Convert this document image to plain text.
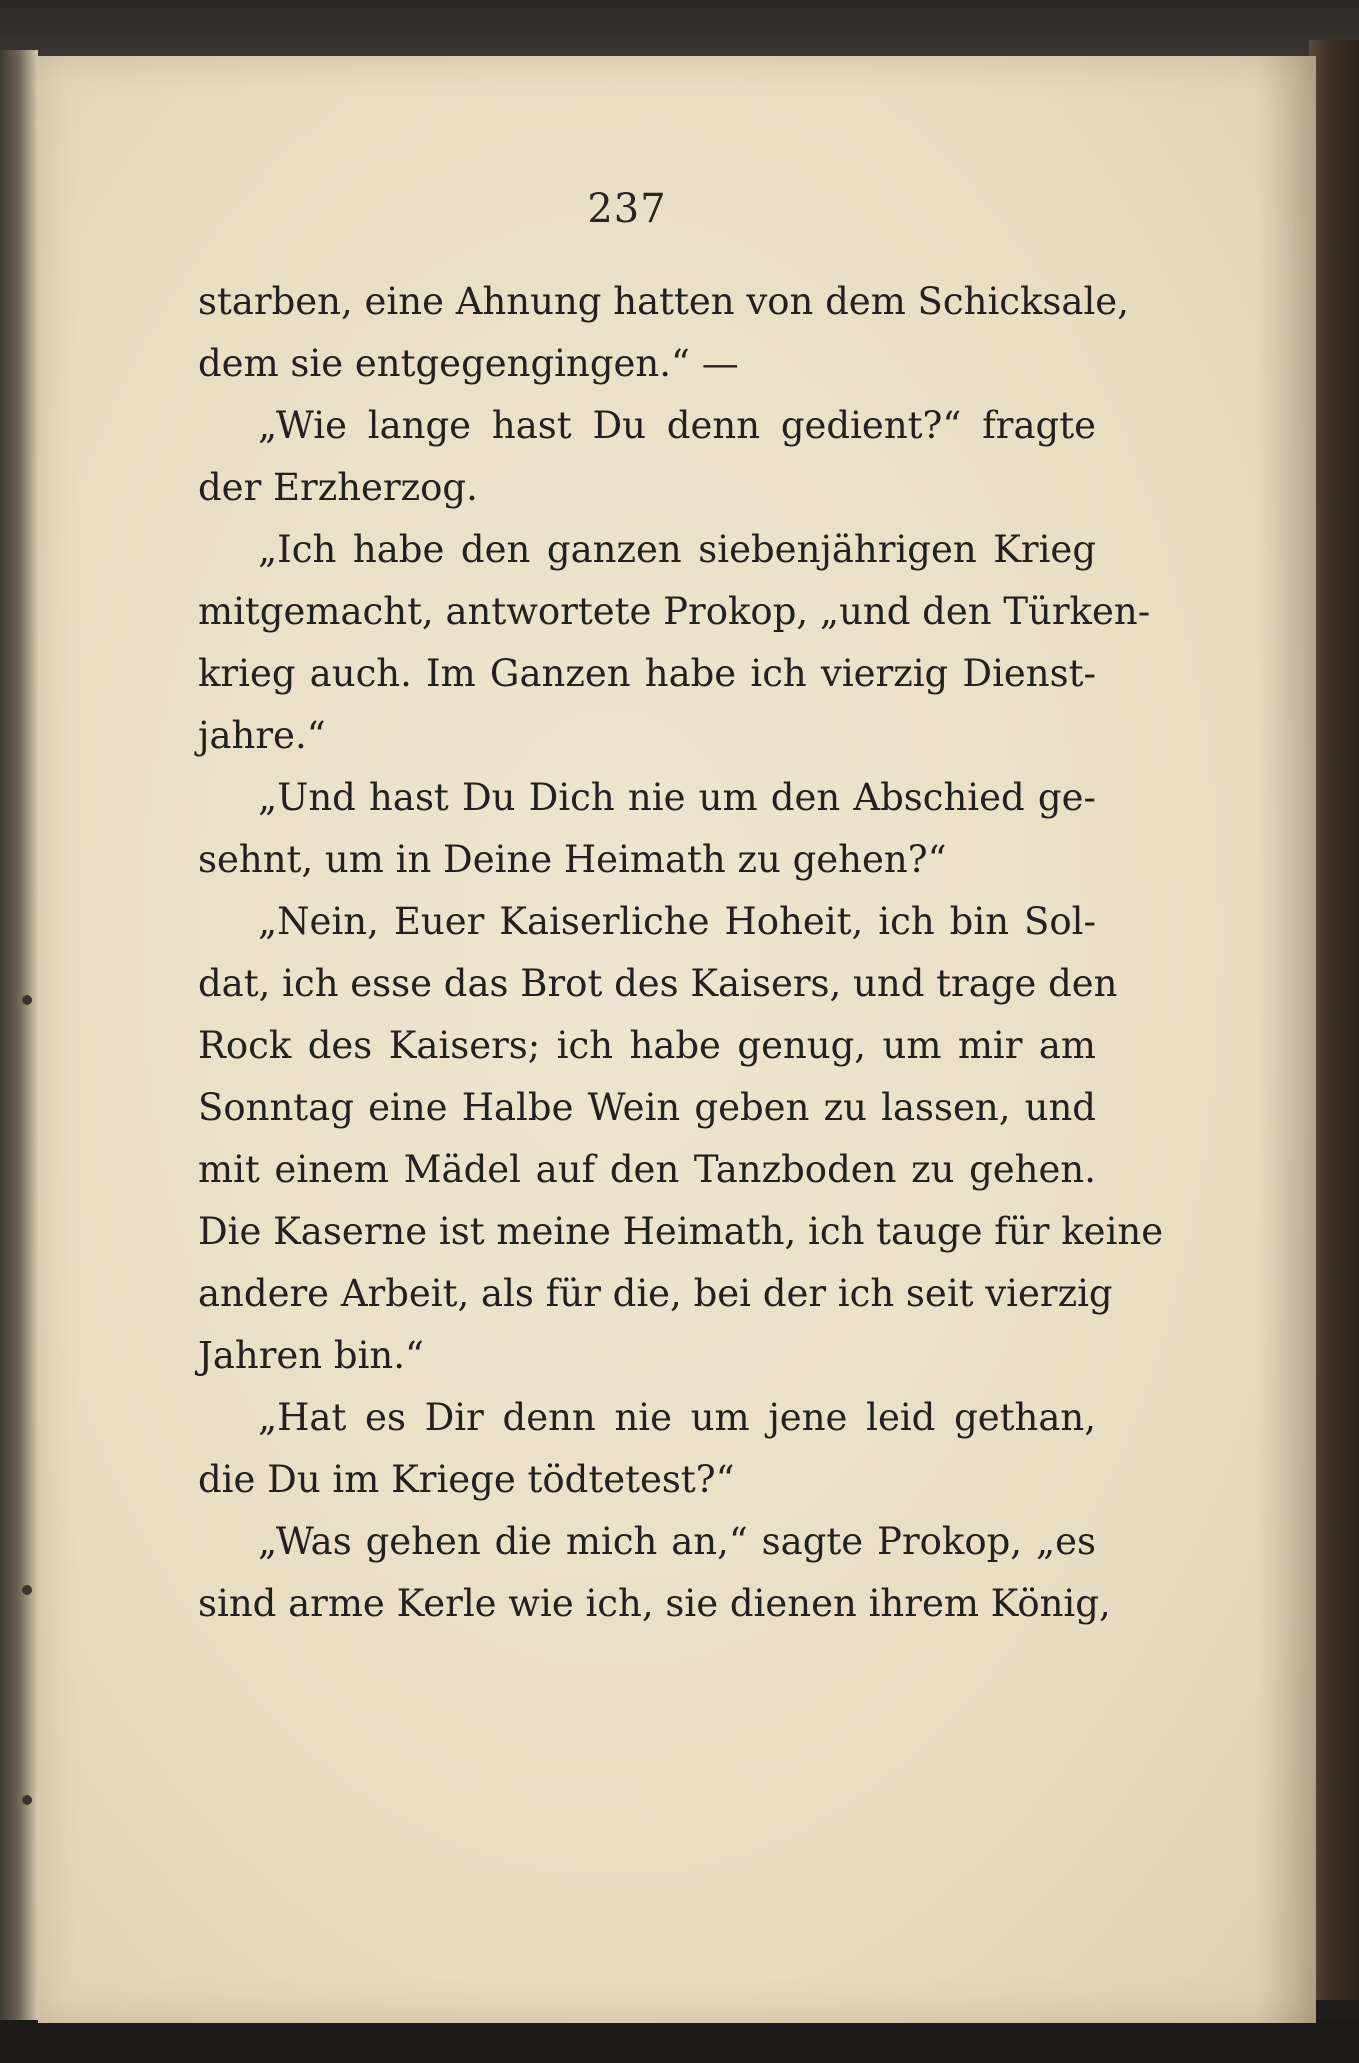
237
starben, eine Ahnung hatten von dem Schicksale,
dem sie entgegengingen.“ —
„Wie lange hast Du denn gedient?“ fragte
der Erzherzog.
„Ich habe den ganzen siebenjährigen Krieg
mitgemacht, antwortete Prokop, „und den Türken-
krieg auch. Im Ganzen habe ich vierzig Dienst-
jahre.“
„Und hast Du Dich nie um den Abschied ge-
sehnt, um in Deine Heimath zu gehen?“
„Nein, Euer Kaiserliche Hoheit, ich bin Sol-
dat, ich esse das Brot des Kaisers, und trage den
Rock des Kaisers; ich habe genug, um mir am
Sonntag eine Halbe Wein geben zu lassen, und
mit einem Mädel auf den Tanzboden zu gehen.
Die Kaserne ist meine Heimath, ich tauge für keine
andere Arbeit, als für die, bei der ich seit vierzig
Jahren bin.“
„Hat es Dir denn nie um jene leid gethan,
die Du im Kriege tödtetest?“
„Was gehen die mich an,“ sagte Prokop, „es
sind arme Kerle wie ich, sie dienen ihrem König,
